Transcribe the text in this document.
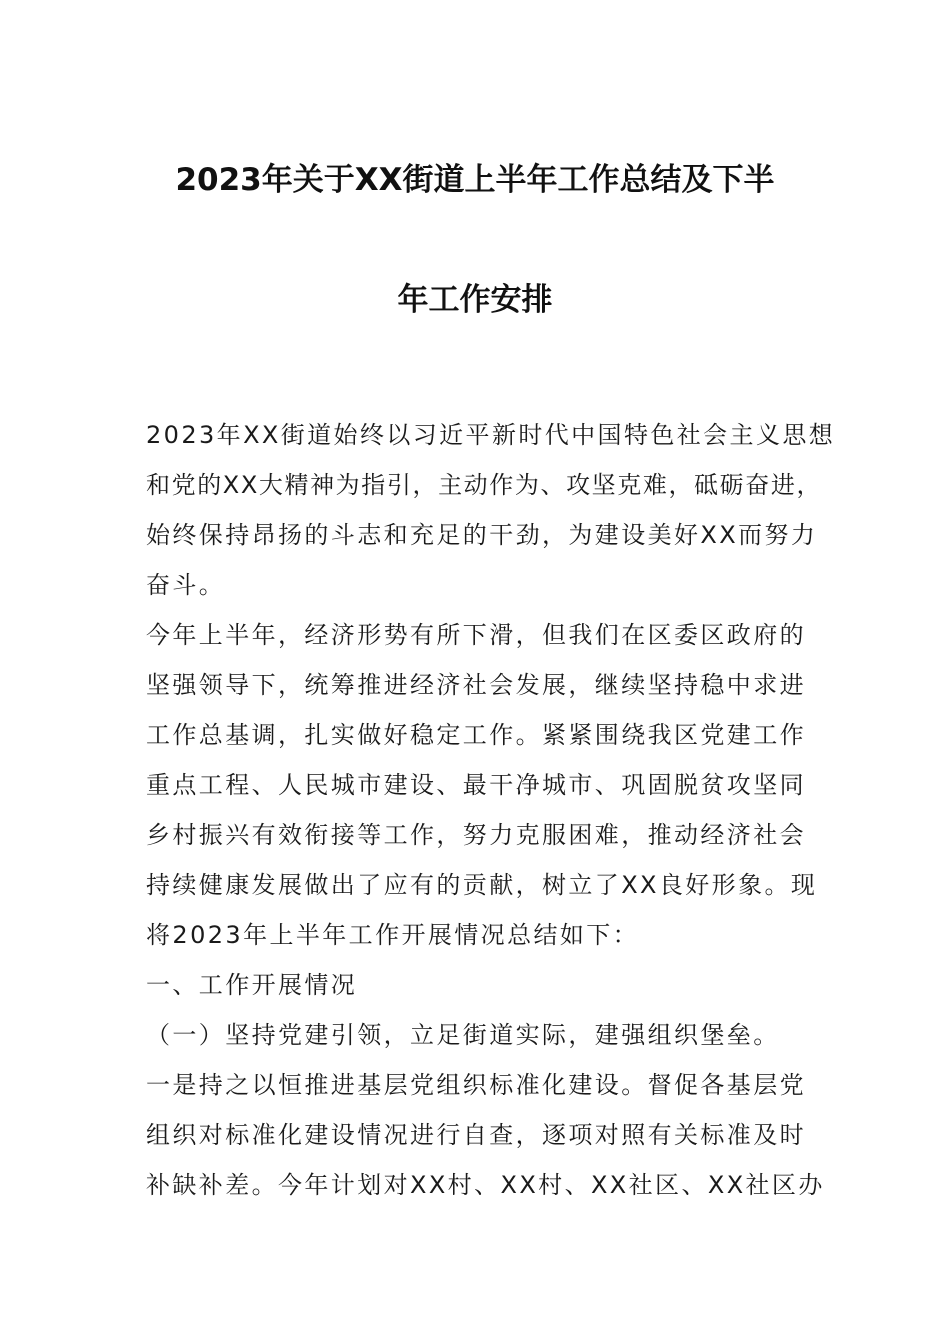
2023年关于XX街道上半年工作总结及下半
年工作安排
2023年XX街道始终以习近平新时代中国特色社会主义思想
和党的XX大精神为指引，主动作为、攻坚克难，砥砺奋进，
始终保持昂扬的斗志和充足的干劲，为建设美好XX而努力
奋斗。
今年上半年，经济形势有所下滑，但我们在区委区政府的
坚强领导下，统筹推进经济社会发展，继续坚持稳中求进
工作总基调，扎实做好稳定工作。紧紧围绕我区党建工作
重点工程、人民城市建设、最干净城市、巩固脱贫攻坚同
乡村振兴有效衔接等工作，努力克服困难，推动经济社会
持续健康发展做出了应有的贡献，树立了XX良好形象。现
将2023年上半年工作开展情况总结如下：
一、工作开展情况
（一）坚持党建引领，立足街道实际，建强组织堡垒。
一是持之以恒推进基层党组织标准化建设。督促各基层党
组织对标准化建设情况进行自查，逐项对照有关标准及时
补缺补差。今年计划对XX村、XX村、XX社区、XX社区办
